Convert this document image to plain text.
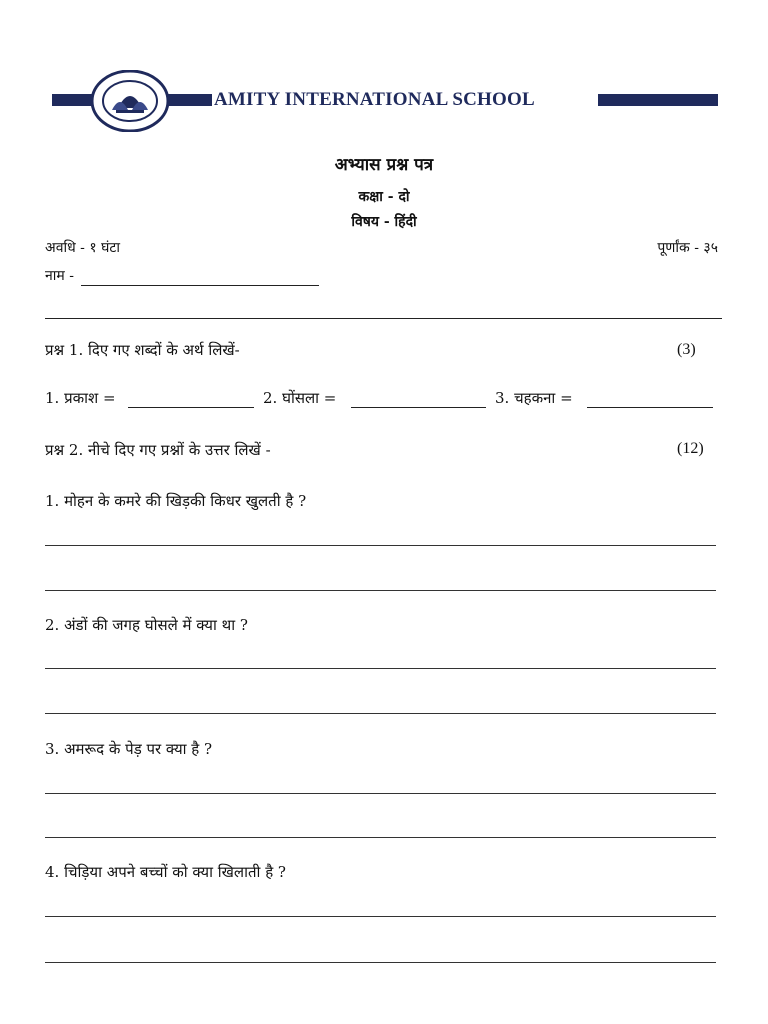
AMITY INTERNATIONAL SCHOOL
अभ्यास प्रश्न पत्र
कक्षा - दो
विषय - हिंदी
अवधि - १ घंटा	पूर्णांक - ३५
नाम -
प्रश्न 1. दिए गए शब्दों के अर्थ लिखें-	(3)
1. प्रकाश =	2. घोंसला =	3. चहकना =
प्रश्न 2. नीचे दिए गए प्रश्नों के उत्तर लिखें -	(12)
1. मोहन के कमरे की खिड़की किधर खुलती है ?
2. अंडों की जगह घोसले में क्या था ?
3. अमरूद के पेड़ पर क्या है ?
4. चिड़िया अपने बच्चों को क्या खिलाती है ?
